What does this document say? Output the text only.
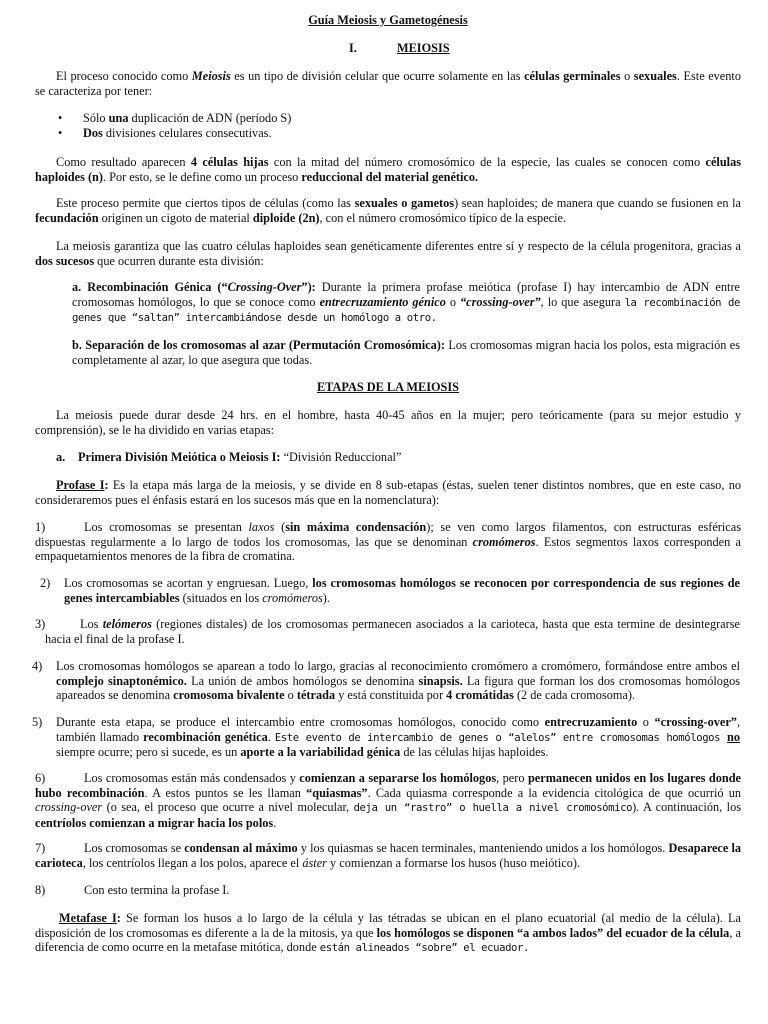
Guía Meiosis y Gametogénesis

I.	MEIOSIS

El proceso conocido como Meiosis es un tipo de división celular que ocurre solamente en las células germinales o sexuales. Este evento se caracteriza por tener:

• Sólo una duplicación de ADN (período S)

• Dos divisiones celulares consecutivas.

Como resultado aparecen 4 células hijas con la mitad del número cromosómico de la especie, las cuales se conocen como células haploides (n). Por esto, se le define como un proceso reduccional del material genético.

Este proceso permite que ciertos tipos de células (como las sexuales o gametos) sean haploides; de manera que cuando se fusionen en la fecundación originen un cigoto de material diploide (2n), con el número cromosómico típico de la especie.

La meiosis garantiza que las cuatro células haploides sean genéticamente diferentes entre sí y respecto de la célula progenitora, gracias a dos sucesos que ocurren durante esta división:

a. Recombinación Génica (“Crossing-Over”): Durante la primera profase meiótica (profase I) hay intercambio de ADN entre cromosomas homólogos, lo que se conoce como entrecruzamiento génico o “crossing-over”, lo que asegura la recombinación de genes que “saltan” intercambiándose desde un homólogo a otro.

b. Separación de los cromosomas al azar (Permutación Cromosómica): Los cromosomas migran hacia los polos, esta migración es completamente al azar, lo que asegura que todas.

ETAPAS DE LA MEIOSIS

La meiosis puede durar desde 24 hrs. en el hombre, hasta 40-45 años en la mujer; pero teóricamente (para su mejor estudio y comprensión), se le ha dividido en varias etapas:

a. Primera División Meiótica o Meiosis I: “División Reduccional”

Profase I: Es la etapa más larga de la meiosis, y se divide en 8 sub-etapas (éstas, suelen tener distintos nombres, que en este caso, no consideraremos pues el énfasis estará en los sucesos más que en la nomenclatura):

1)	Los cromosomas se presentan laxos (sin máxima condensación); se ven como largos filamentos, con estructuras esféricas dispuestas regularmente a lo largo de todos los cromosomas, las que se denominan cromómeros. Estos segmentos laxos corresponden a empaquetamientos menores de la fibra de cromatina.

2) Los cromosomas se acortan y engruesan. Luego, los cromosomas homólogos se reconocen por correspondencia de sus regiones de genes intercambiables (situados en los cromómeros).

3)	Los telómeros (regiones distales) de los cromosomas permanecen asociados a la carioteca, hasta que esta termine de desintegrarse hacia el final de la profase I.

4) Los cromosomas homólogos se aparean a todo lo largo, gracias al reconocimiento cromómero a cromómero, formándose entre ambos el complejo sinaptonémico. La unión de ambos homólogos se denomina sinapsis. La figura que forman los dos cromosomas homólogos apareados se denomina cromosoma bivalente o tétrada y está constituida por 4 cromátidas (2 de cada cromosoma).

5) Durante esta etapa, se produce el intercambio entre cromosomas homólogos, conocido como entrecruzamiento o “crossing-over”, también llamado recombinación genética. Este evento de intercambio de genes o “alelos” entre cromosomas homólogos no siempre ocurre; pero si sucede, es un aporte a la variabilidad génica de las células hijas haploides.

6)	Los cromosomas están más condensados y comienzan a separarse los homólogos, pero permanecen unidos en los lugares donde hubo recombinación. A estos puntos se les llaman “quiasmas”. Cada quiasma corresponde a la evidencia citológica de que ocurrió un crossing-over (o sea, el proceso que ocurre a nivel molecular, deja un “rastro” o huella a nivel cromosómico). A continuación, los centríolos comienzan a migrar hacia los polos.

7)	Los cromosomas se condensan al máximo y los quiasmas se hacen terminales, manteniendo unidos a los homólogos. Desaparece la carioteca, los centríolos llegan a los polos, aparece el áster y comienzan a formarse los husos (huso meiótico).

8)	Con esto termina la profase I.

Metafase I: Se forman los husos a lo largo de la célula y las tétradas se ubican en el plano ecuatorial (al medio de la célula). La disposición de los cromosomas es diferente a la de la mitosis, ya que los homólogos se disponen “a ambos lados” del ecuador de la célula, a diferencia de como ocurre en la metafase mitótica, donde están alineados “sobre” el ecuador.
